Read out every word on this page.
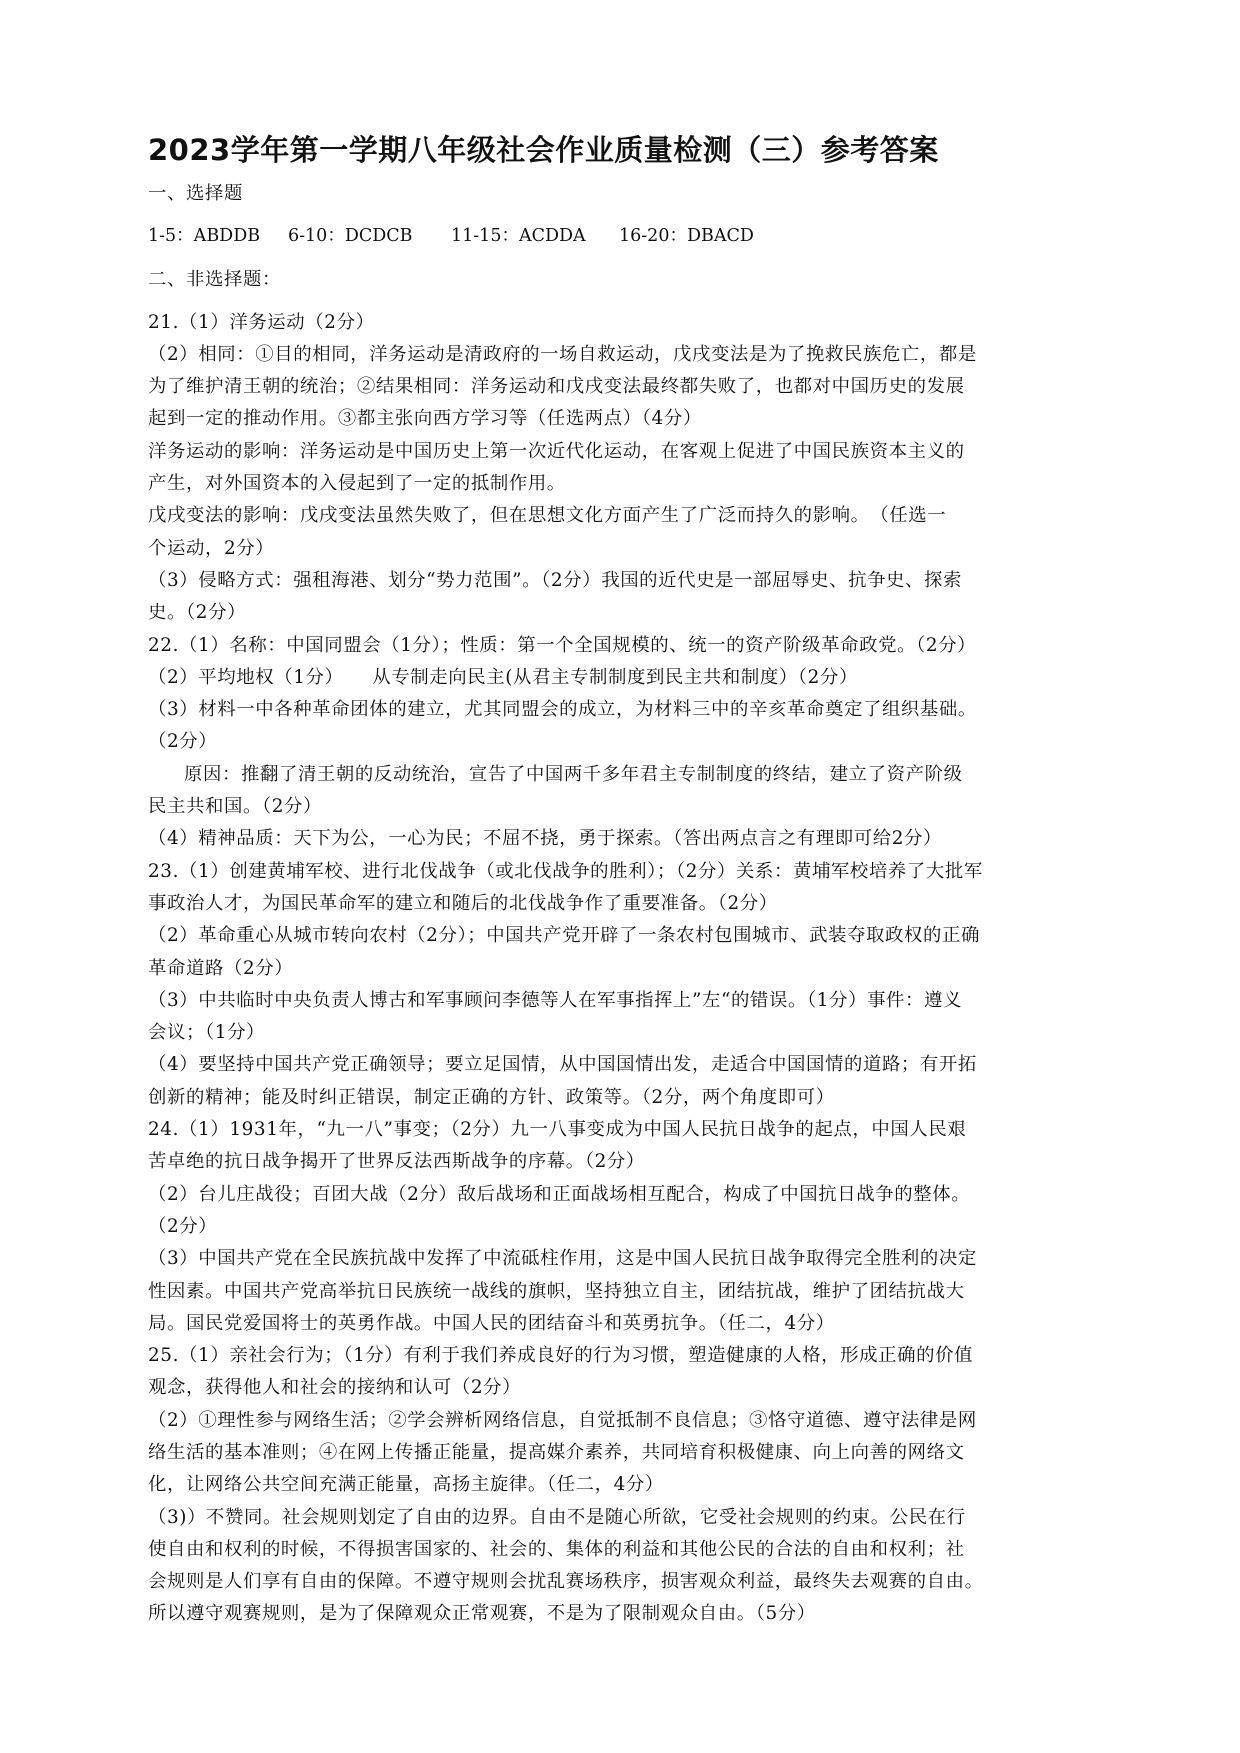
2023学年第一学期八年级社会作业质量检测（三）参考答案

一、选择题

1-5：ABDDB	6-10：DCDCB	11-15：ACDDA	16-20：DBACD

二、非选择题：

21.（1）洋务运动（2分）

（2）相同：①目的相同，洋务运动是清政府的一场自救运动，戊戌变法是为了挽救民族危亡，都是

为了维护清王朝的统治；②结果相同：洋务运动和戊戌变法最终都失败了，也都对中国历史的发展

起到一定的推动作用。③都主张向西方学习等（任选两点）（4分）

洋务运动的影响：洋务运动是中国历史上第一次近代化运动，在客观上促进了中国民族资本主义的

产生，对外国资本的入侵起到了一定的抵制作用。

戊戌变法的影响：戊戌变法虽然失败了，但在思想文化方面产生了广泛而持久的影响。　（任选一

个运动，2分）

（3）侵略方式：强租海港、划分“势力范围”。（2分）我国的近代史是一部屈辱史、抗争史、探索

史。（2分）

22.（1）名称：中国同盟会（1分）；性质：第一个全国规模的、统一的资产阶级革命政党。（2分）

（2）平均地权（1分）　　从专制走向民主(从君主专制制度到民主共和制度）（2分）

（3）材料一中各种革命团体的建立，尤其同盟会的成立，为材料三中的辛亥革命奠定了组织基础。

（2分）

原因：推翻了清王朝的反动统治，宣告了中国两千多年君主专制制度的终结，建立了资产阶级

民主共和国。（2分）

（4）精神品质：天下为公，一心为民；不屈不挠，勇于探索。（答出两点言之有理即可给2分）

23.（1）创建黄埔军校、进行北伐战争（或北伐战争的胜利）；（2分）关系：黄埔军校培养了大批军

事政治人才，为国民革命军的建立和随后的北伐战争作了重要准备。（2分）

（2）革命重心从城市转向农村（2分）；中国共产党开辟了一条农村包围城市、武装夺取政权的正确

革命道路（2分）

（3）中共临时中央负责人博古和军事顾问李德等人在军事指挥上”左“的错误。（1分）事件：遵义

会议；（1分）

（4）要坚持中国共产党正确领导；要立足国情，从中国国情出发，走适合中国国情的道路；有开拓

创新的精神；能及时纠正错误，制定正确的方针、政策等。（2分，两个角度即可）

24.（1）1931年，“九一八”事变；（2分）九一八事变成为中国人民抗日战争的起点，中国人民艰

苦卓绝的抗日战争揭开了世界反法西斯战争的序幕。（2分）

（2）台儿庄战役；百团大战（2分）敌后战场和正面战场相互配合，构成了中国抗日战争的整体。

（2分）

（3）中国共产党在全民族抗战中发挥了中流砥柱作用，这是中国人民抗日战争取得完全胜利的决定

性因素。中国共产党高举抗日民族统一战线的旗帜，坚持独立自主，团结抗战，维护了团结抗战大

局。国民党爱国将士的英勇作战。中国人民的团结奋斗和英勇抗争。（任二，4分）

25.（1）亲社会行为；（1分）有利于我们养成良好的行为习惯，塑造健康的人格，形成正确的价值

观念，获得他人和社会的接纳和认可（2分）

（2）①理性参与网络生活；②学会辨析网络信息，自觉抵制不良信息；③恪守道德、遵守法律是网

络生活的基本准则；④在网上传播正能量，提高媒介素养，共同培育积极健康、向上向善的网络文

化，让网络公共空间充满正能量，高扬主旋律。（任二，4分）

（3)）不赞同。社会规则划定了自由的边界。自由不是随心所欲，它受社会规则的约束。公民在行

使自由和权利的时候，不得损害国家的、社会的、集体的利益和其他公民的合法的自由和权利；社

会规则是人们享有自由的保障。不遵守规则会扰乱赛场秩序，损害观众利益，最终失去观赛的自由。

所以遵守观赛规则，是为了保障观众正常观赛，不是为了限制观众自由。（5分）
